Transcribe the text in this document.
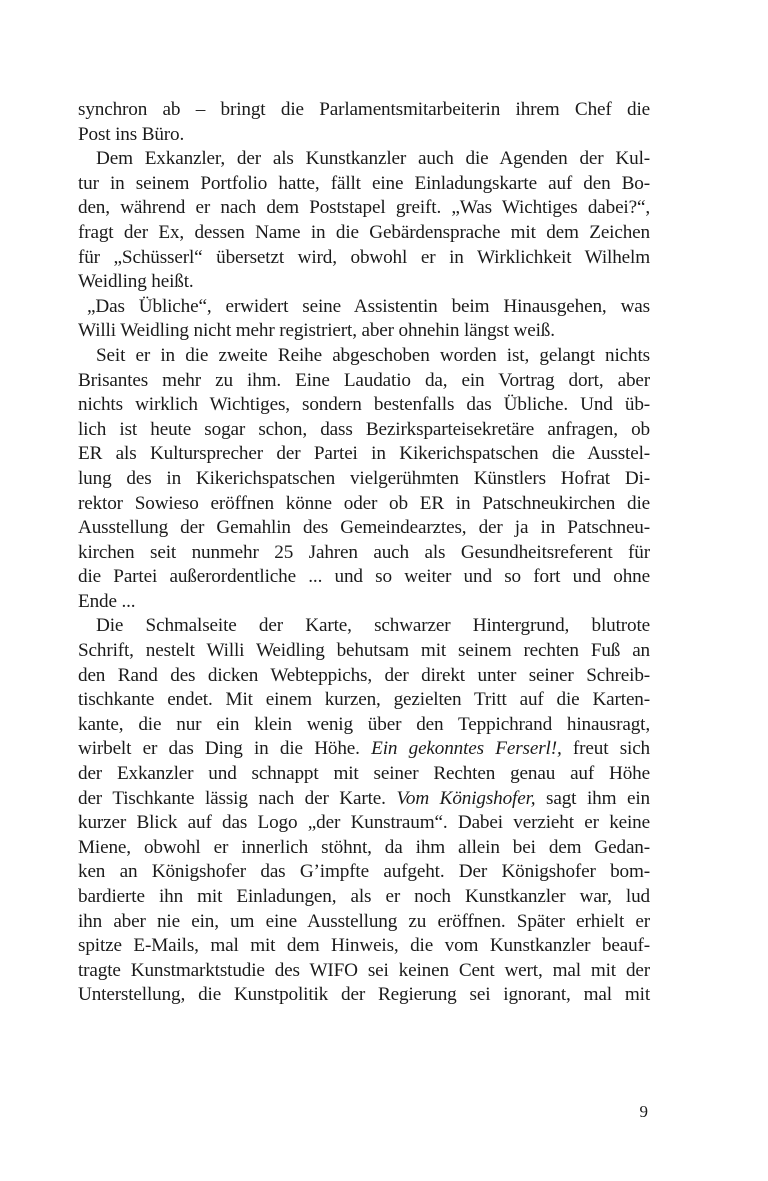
synchron ab – bringt die Parlamentsmitarbeiterin ihrem Chef die
Post ins Büro.
Dem Exkanzler, der als Kunstkanzler auch die Agenden der Kul-
tur in seinem Portfolio hatte, fällt eine Einladungskarte auf den Bo-
den, während er nach dem Poststapel greift. „Was Wichtiges dabei?“,
fragt der Ex, dessen Name in die Gebärdensprache mit dem Zeichen
für „Schüsserl“ übersetzt wird, obwohl er in Wirklichkeit Wilhelm
Weidling heißt.
„Das Übliche“, erwidert seine Assistentin beim Hinausgehen, was
Willi Weidling nicht mehr registriert, aber ohnehin längst weiß.
Seit er in die zweite Reihe abgeschoben worden ist, gelangt nichts
Brisantes mehr zu ihm. Eine Laudatio da, ein Vortrag dort, aber
nichts wirklich Wichtiges, sondern bestenfalls das Übliche. Und üb-
lich ist heute sogar schon, dass Bezirksparteisekretäre anfragen, ob
ER als Kultursprecher der Partei in Kikerichspatschen die Ausstel-
lung des in Kikerichspatschen vielgerühmten Künstlers Hofrat Di-
rektor Sowieso eröffnen könne oder ob ER in Patschneukirchen die
Ausstellung der Gemahlin des Gemeindearztes, der ja in Patschneu-
kirchen seit nunmehr 25 Jahren auch als Gesundheitsreferent für
die Partei außerordentliche ... und so weiter und so fort und ohne
Ende ...
Die Schmalseite der Karte, schwarzer Hintergrund, blutrote
Schrift, nestelt Willi Weidling behutsam mit seinem rechten Fuß an
den Rand des dicken Webteppichs, der direkt unter seiner Schreib-
tischkante endet. Mit einem kurzen, gezielten Tritt auf die Karten-
kante, die nur ein klein wenig über den Teppichrand hinausragt,
wirbelt er das Ding in die Höhe. Ein gekonntes Ferserl!, freut sich
der Exkanzler und schnappt mit seiner Rechten genau auf Höhe
der Tischkante lässig nach der Karte. Vom Königshofer, sagt ihm ein
kurzer Blick auf das Logo „der Kunstraum“. Dabei verzieht er keine
Miene, obwohl er innerlich stöhnt, da ihm allein bei dem Gedan-
ken an Königshofer das G’impfte aufgeht. Der Königshofer bom-
bardierte ihn mit Einladungen, als er noch Kunstkanzler war, lud
ihn aber nie ein, um eine Ausstellung zu eröffnen. Später erhielt er
spitze E-Mails, mal mit dem Hinweis, die vom Kunstkanzler beauf-
tragte Kunstmarktstudie des WIFO sei keinen Cent wert, mal mit der
Unterstellung, die Kunstpolitik der Regierung sei ignorant, mal mit
9
